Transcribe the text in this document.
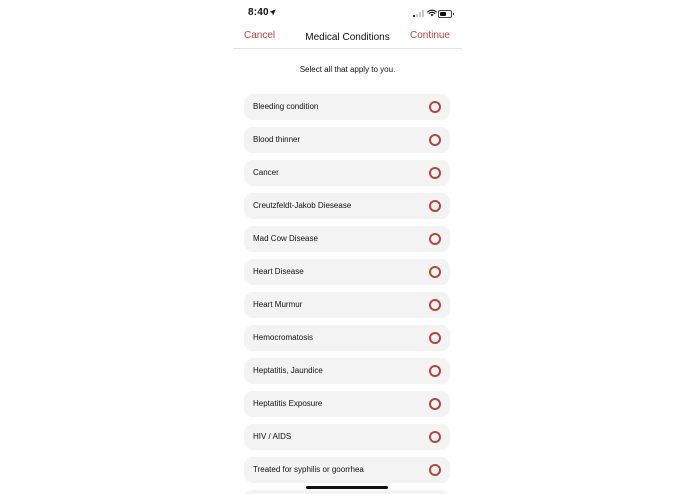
8:40
Cancel	Medical Conditions	Continue
Select all that apply to you.
Bleeding condition
Blood thinner
Cancer
Creutzfeldt-Jakob Diesease
Mad Cow Disease
Heart Disease
Heart Murmur
Hemocromatosis
Heptatitis, Jaundice
Heptatitis Exposure
HIV / AIDS
Treated for syphilis or goorrhea
